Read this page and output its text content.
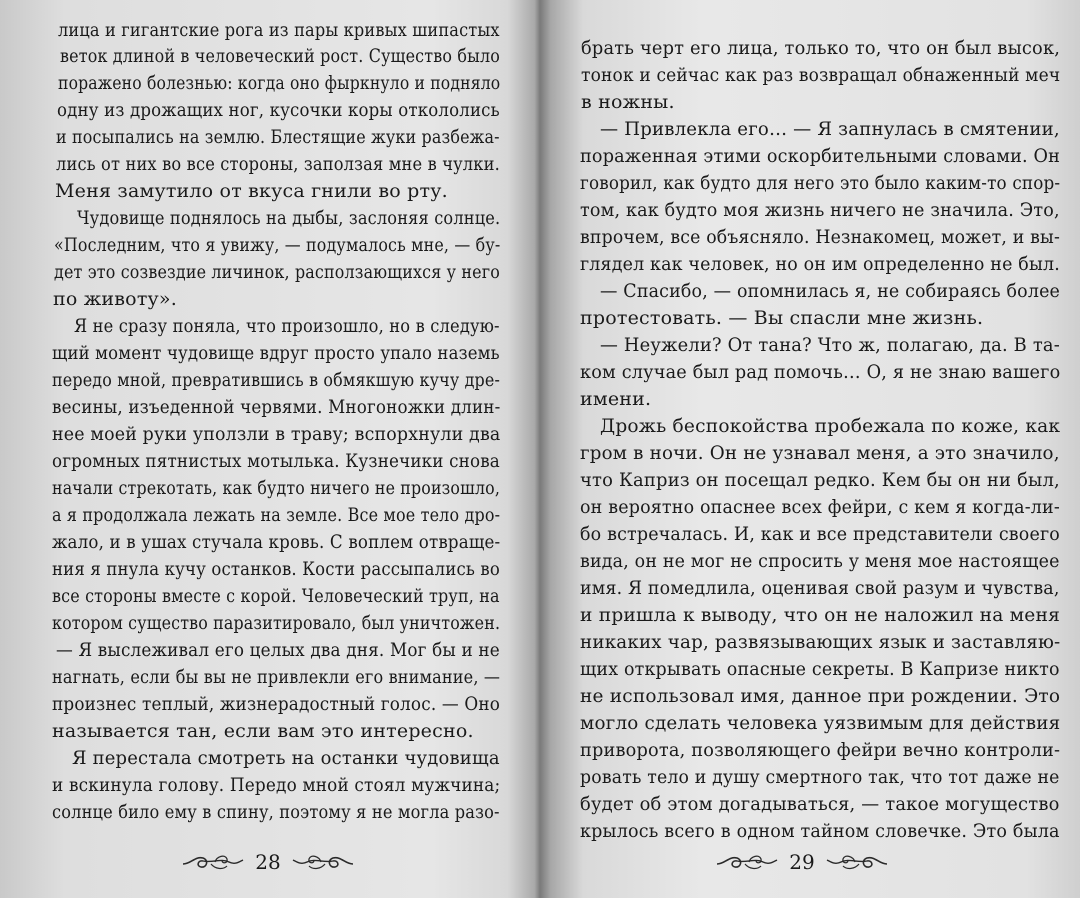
лица и гигантские рога из пары кривых шипастых
веток длиной в человеческий рост. Существо было
поражено болезнью: когда оно фыркнуло и подняло
одну из дрожащих ног, кусочки коры откололись
и посыпались на землю. Блестящие жуки разбежа-
лись от них во все стороны, заползая мне в чулки.
Меня замутило от вкуса гнили во рту.
Чудовище поднялось на дыбы, заслоняя солнце.
«Последним, что я увижу, — подумалось мне, — бу-
дет это созвездие личинок, расползающихся у него
по животу».
Я не сразу поняла, что произошло, но в следую-
щий момент чудовище вдруг просто упало наземь
передо мной, превратившись в обмякшую кучу дре-
весины, изъеденной червями. Многоножки длин-
нее моей руки уползли в траву; вспорхнули два
огромных пятнистых мотылька. Кузнечики снова
начали стрекотать, как будто ничего не произошло,
а я продолжала лежать на земле. Все мое тело дро-
жало, и в ушах стучала кровь. С воплем отвраще-
ния я пнула кучу останков. Кости рассыпались во
все стороны вместе с корой. Человеческий труп, на
котором существо паразитировало, был уничтожен.
— Я выслеживал его целых два дня. Мог бы и не
нагнать, если бы вы не привлекли его внимание, —
произнес теплый, жизнерадостный голос. — Оно
называется тан, если вам это интересно.
Я перестала смотреть на останки чудовища
и вскинула голову. Передо мной стоял мужчина;
солнце било ему в спину, поэтому я не могла разо-
брать черт его лица, только то, что он был высок,
тонок и сейчас как раз возвращал обнаженный меч
в ножны.
— Привлекла его… — Я запнулась в смятении,
пораженная этими оскорбительными словами. Он
говорил, как будто для него это было каким-то спор-
том, как будто моя жизнь ничего не значила. Это,
впрочем, все объясняло. Незнакомец, может, и вы-
глядел как человек, но он им определенно не был.
— Спасибо, — опомнилась я, не собираясь более
протестовать. — Вы спасли мне жизнь.
— Неужели? От тана? Что ж, полагаю, да. В та-
ком случае был рад помочь… О, я не знаю вашего
имени.
Дрожь беспокойства пробежала по коже, как
гром в ночи. Он не узнавал меня, а это значило,
что Каприз он посещал редко. Кем бы он ни был,
он вероятно опаснее всех фейри, с кем я когда-ли-
бо встречалась. И, как и все представители своего
вида, он не мог не спросить у меня мое настоящее
имя. Я помедлила, оценивая свой разум и чувства,
и пришла к выводу, что он не наложил на меня
никаких чар, развязывающих язык и заставляю-
щих открывать опасные секреты. В Капризе никто
не использовал имя, данное при рождении. Это
могло сделать человека уязвимым для действия
приворота, позволяющего фейри вечно контроли-
ровать тело и душу смертного так, что тот даже не
будет об этом догадываться, — такое могущество
крылось всего в одном тайном словечке. Это была
28	29
